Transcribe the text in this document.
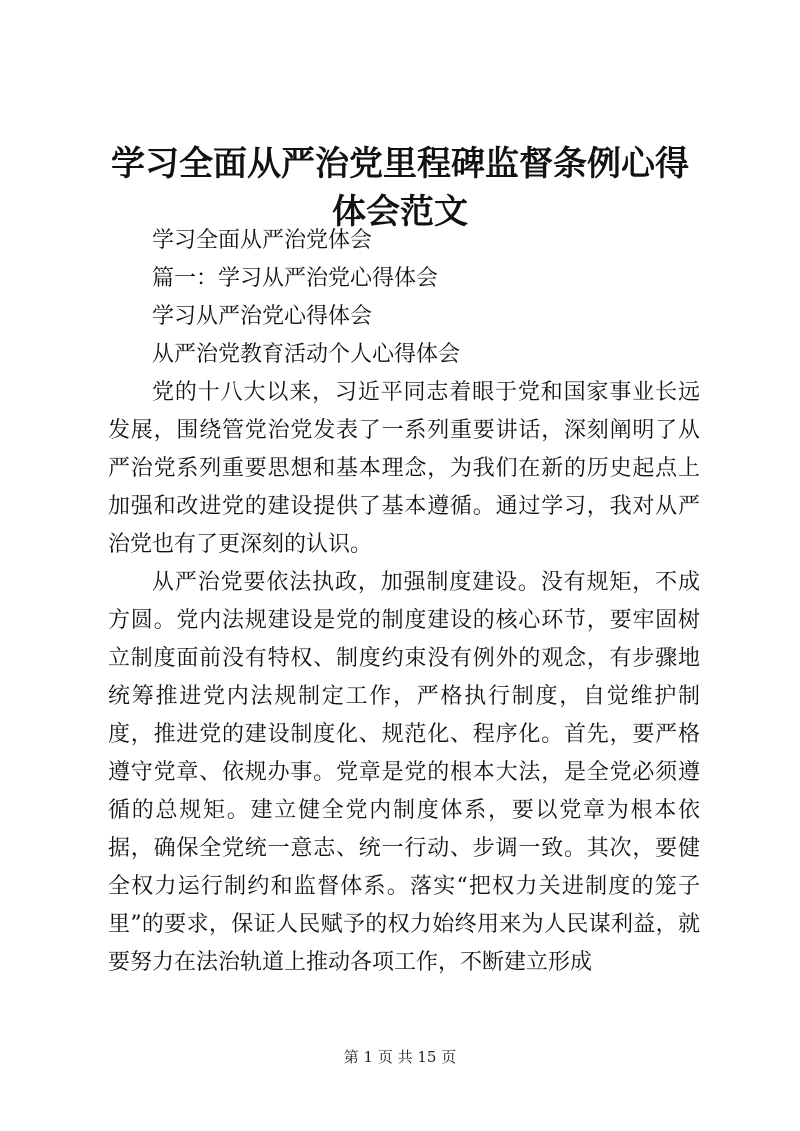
学习全面从严治党里程碑监督条例心得体会范文

学习全面从严治党体会

篇一：学习从严治党心得体会

学习从严治党心得体会

从严治党教育活动个人心得体会

党的十八大以来，习近平同志着眼于党和国家事业长远发展，围绕管党治党发表了一系列重要讲话，深刻阐明了从严治党系列重要思想和基本理念，为我们在新的历史起点上加强和改进党的建设提供了基本遵循。通过学习，我对从严治党也有了更深刻的认识。

从严治党要依法执政，加强制度建设。没有规矩，不成方圆。党内法规建设是党的制度建设的核心环节，要牢固树立制度面前没有特权、制度约束没有例外的观念，有步骤地统筹推进党内法规制定工作，严格执行制度，自觉维护制度，推进党的建设制度化、规范化、程序化。首先，要严格遵守党章、依规办事。党章是党的根本大法，是全党必须遵循的总规矩。建立健全党内制度体系，要以党章为根本依据，确保全党统一意志、统一行动、步调一致。其次，要健全权力运行制约和监督体系。落实“把权力关进制度的笼子里”的要求，保证人民赋予的权力始终用来为人民谋利益，就要努力在法治轨道上推动各项工作，不断建立形成

第 1 页 共 15 页
